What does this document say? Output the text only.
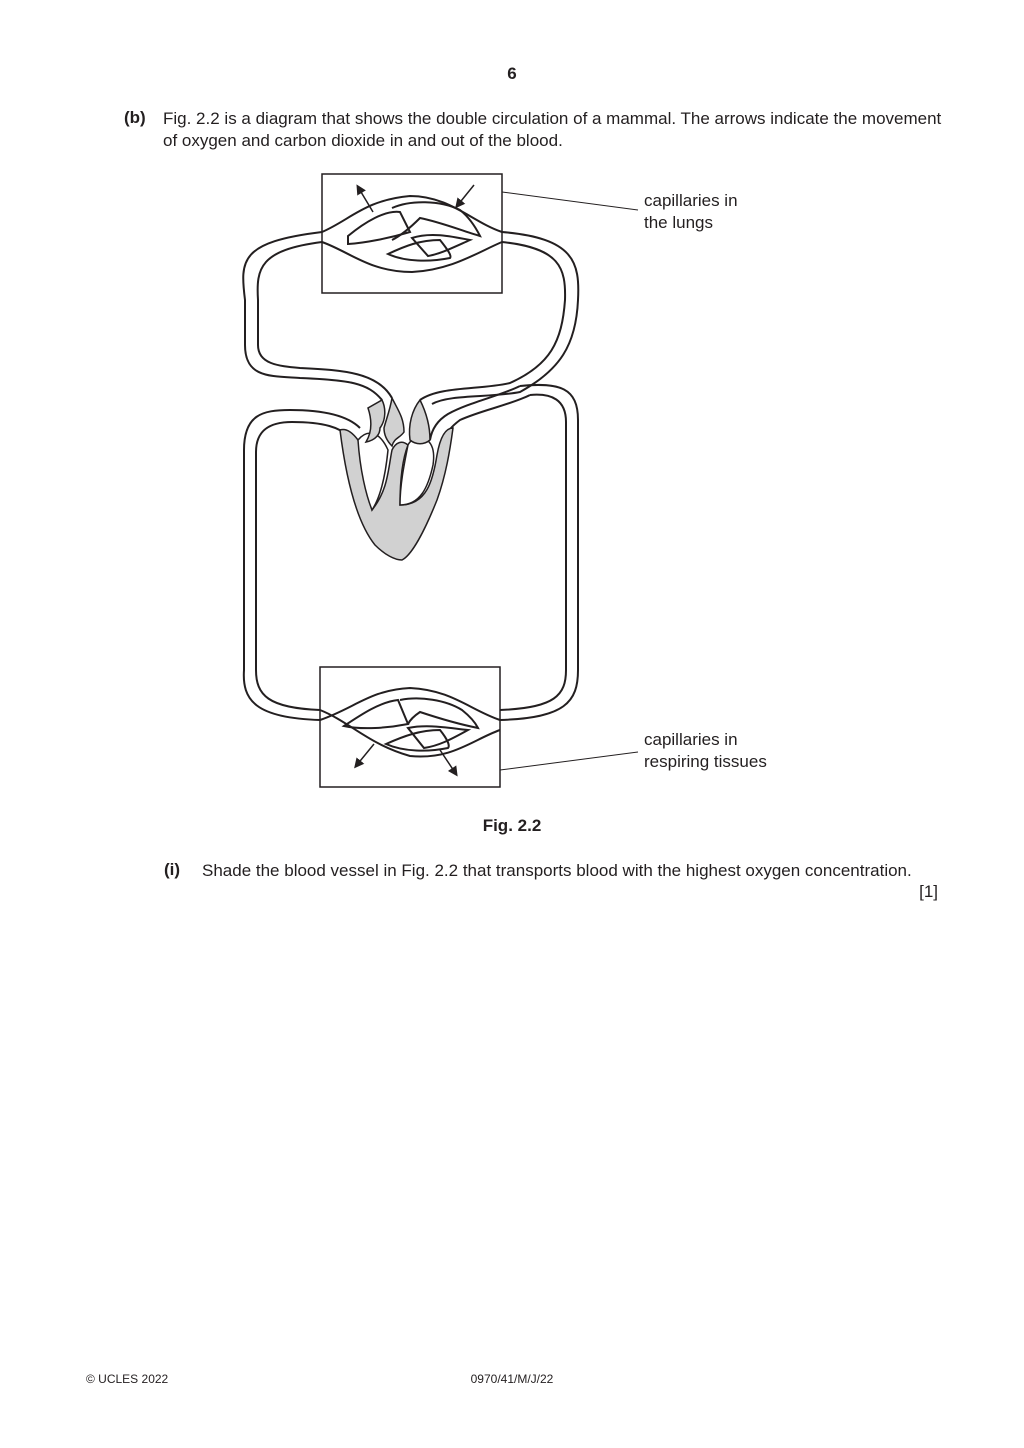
6
(b) Fig. 2.2 is a diagram that shows the double circulation of a mammal. The arrows indicate the movement of oxygen and carbon dioxide in and out of the blood.
capillaries in
the lungs
capillaries in
respiring tissues
Fig. 2.2
(i) Shade the blood vessel in Fig. 2.2 that transports blood with the highest oxygen concentration.
[1]
© UCLES 2022	0970/41/M/J/22
